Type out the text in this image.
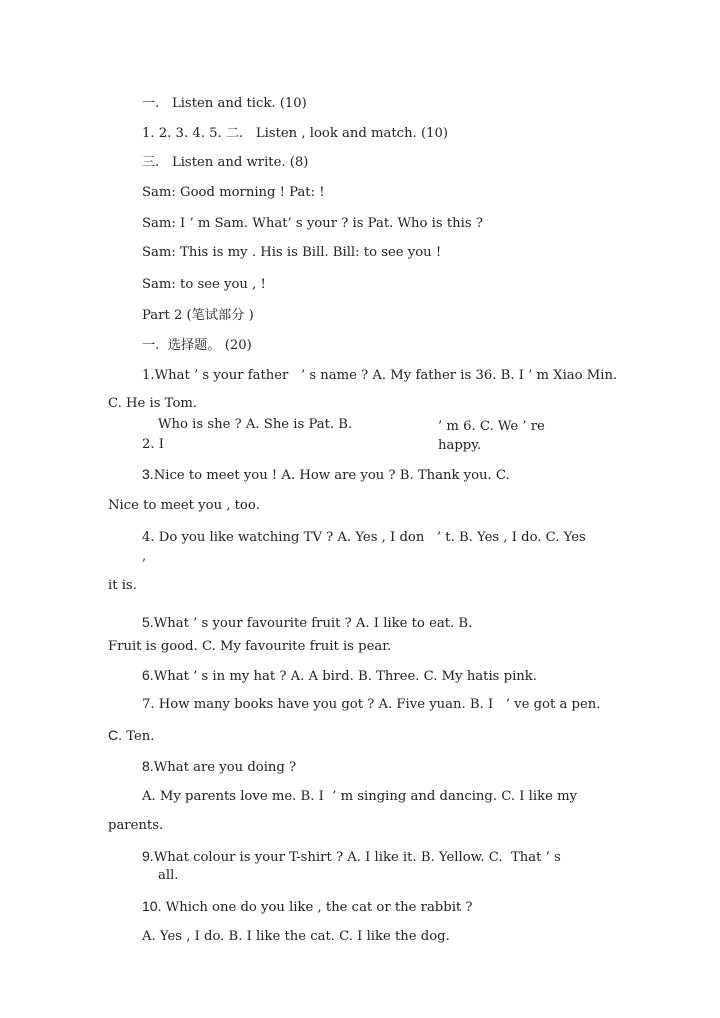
一.   Listen and tick. (10)
1. 2. 3. 4. 5. 二.   Listen , look and match. (10)
三.   Listen and write. (8)
Sam: Good morning ! Pat: !
Sam: I ’ m Sam. What’ s your ? is Pat. Who is this ?
Sam: This is my . His is Bill. Bill: to see you !
Sam: to see you , !
Part 2 (笔试部分 )
一.  选择题。 (20)
1.What ’ s your father   ’ s name ? A. My father is 36. B. I ’ m Xiao Min.
C. He is Tom.
Who is she ? A. She is Pat. B.	’ m 6. C. We ’ re
2. I	happy.
3.Nice to meet you ! A. How are you ? B. Thank you. C.
Nice to meet you , too.
4. Do you like watching TV ? A. Yes , I don   ’ t. B. Yes , I do. C. Yes
,
it is.
5.What ’ s your favourite fruit ? A. I like to eat. B.
Fruit is good. C. My favourite fruit is pear.
6.What ’ s in my hat ? A. A bird. B. Three. C. My hatis pink.
7. How many books have you got ? A. Five yuan. B. I   ’ ve got a pen.
C. Ten.
8.What are you doing ?
A. My parents love me. B. I  ’ m singing and dancing. C. I like my
parents.
9.What colour is your T-shirt ? A. I like it. B. Yellow. C.  That ’ s
all.
10. Which one do you like , the cat or the rabbit ?
A. Yes , I do. B. I like the cat. C. I like the dog.
